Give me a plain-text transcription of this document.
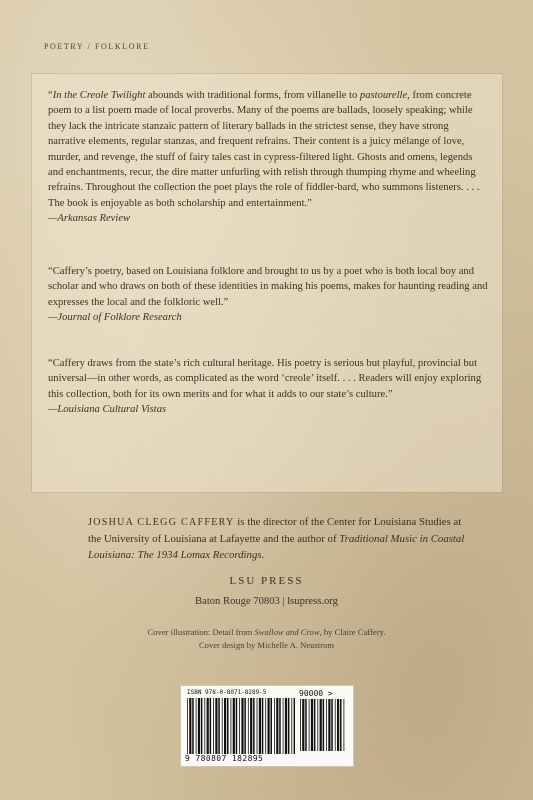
POETRY / FOLKLORE

“In the Creole Twilight abounds with traditional forms, from villanelle to pastourelle, from concrete poem to a list poem made of local proverbs. Many of the poems are ballads, loosely speaking; while they lack the intricate stanzaic pattern of literary ballads in the strictest sense, they have strong narrative elements, regular stanzas, and frequent refrains. Their content is a juicy mélange of love, murder, and revenge, the stuff of fairy tales cast in cypress-filtered light. Ghosts and omens, legends and enchantments, recur, the dire matter unfurling with relish through thumping rhyme and wheeling refrains. Throughout the collection the poet plays the role of fiddler-bard, who summons listeners. . . . The book is enjoyable as both scholarship and entertainment.”

—Arkansas Review

“Caffery’s poetry, based on Louisiana folklore and brought to us by a poet who is both local boy and scholar and who draws on both of these identities in making his poems, makes for haunting reading and expresses the local and the folkloric well.”

—Journal of Folklore Research

“Caffery draws from the state’s rich cultural heritage. His poetry is serious but playful, provincial but universal—in other words, as complicated as the word ‘creole’ itself. . . . Readers will enjoy exploring this collection, both for its own merits and for what it adds to our state’s culture.”

—Louisiana Cultural Vistas

JOSHUA CLEGG CAFFERY is the director of the Center for Louisiana Studies at the University of Louisiana at Lafayette and the author of Traditional Music in Coastal Louisiana: The 1934 Lomax Recordings.
LSU PRESS
Baton Rouge 70803 | lsupress.org
Cover illustration: Detail from Swallow and Crow, by Claire Caffery.
Cover design by Michelle A. Neustrom
ISBN 978-0-8071-8289-5	90000 >
9 780807 182895
